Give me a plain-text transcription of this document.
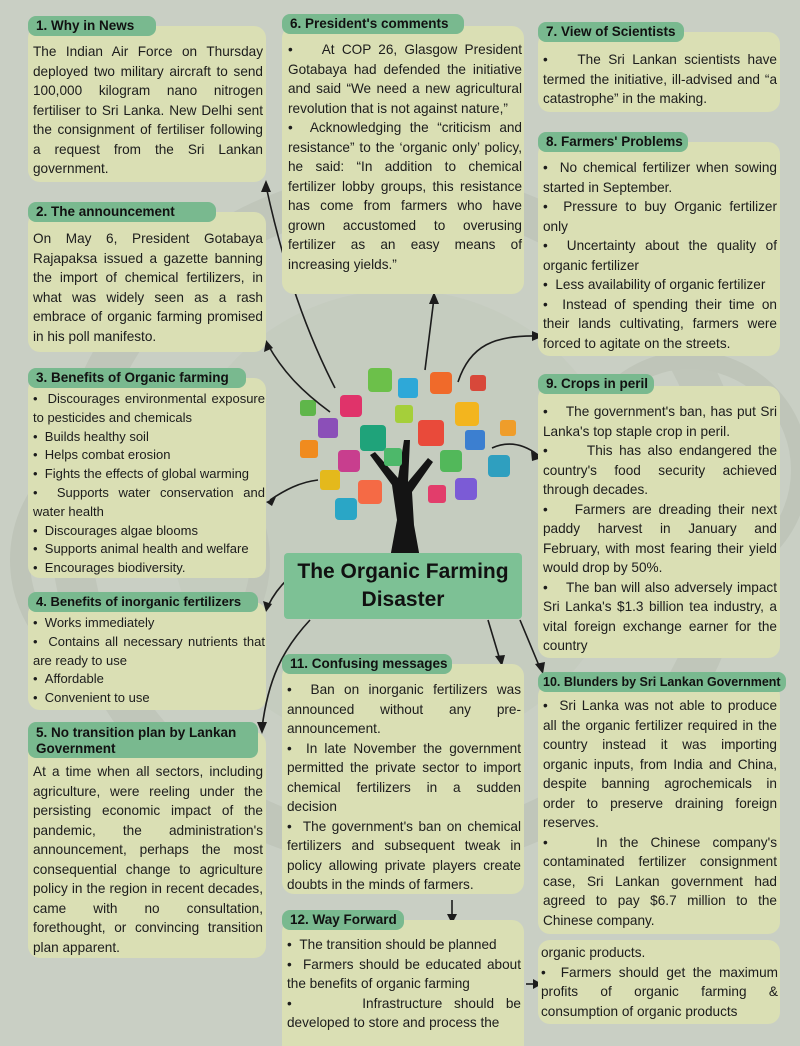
1. Why in News

The Indian Air Force on Thursday deployed two military aircraft to send 100,000 kilogram nano nitrogen fertiliser to Sri Lanka. New Delhi sent the consignment of fertiliser following a request from the Sri Lankan government.

2. The announcement

On May 6, President Gotabaya Rajapaksa issued a gazette banning the import of chemical fertilizers, in what was widely seen as a rash embrace of organic farming promised in his poll manifesto.

3. Benefits of Organic farming

•  Discourages environmental exposure to pesticides and chemicals

•  Builds healthy soil

•  Helps combat erosion

•  Fights the effects of global warming

•  Supports water conservation and water health

•  Discourages algae blooms

•  Supports animal health and welfare

•  Encourages biodiversity.

4. Benefits of inorganic fertilizers

•  Works immediately

•  Contains all necessary nutrients that are ready to use

•  Affordable

•  Convenient to use

5. No transition plan by Lankan Government

At a time when all sectors, including agriculture, were reeling under the persisting economic impact of the pandemic, the administration's announcement, perhaps the most consequential change to agriculture policy in the region in recent decades, came with no consultation, forethought, or convincing transition plan apparent.

6. President's comments

•    At COP 26, Glasgow President Gotabaya had defended the initiative and said “We need a new agricultural revolution that is not against nature,”

•  Acknowledging the “criticism and resistance” to the ‘organic only’ policy, he said: “In addition to chemical fertilizer lobby groups, this resistance has come from farmers who have grown accustomed to overusing fertilizer as an easy means of increasing yields.”

7. View of Scientists

•    The Sri Lankan scientists have termed the initiative, ill-advised and “a catastrophe” in the making.

8. Farmers' Problems

•  No chemical fertilizer when sowing started in September.

•  Pressure to buy Organic fertilizer only

•  Uncertainty about the quality of organic fertilizer

•  Less availability of organic fertilizer

•  Instead of spending their time on their lands cultivating, farmers were forced to agitate on the streets.

9. Crops in peril

•    The government's ban, has put Sri Lanka's top staple crop in peril.

•      This has also endangered the country's food security achieved through decades.

•    Farmers are dreading their next paddy harvest in January and February, with most fearing their yield would drop by 50%.

•    The ban will also adversely impact Sri Lanka's $1.3 billion tea industry, a vital foreign exchange earner for the country

10. Blunders by Sri Lankan Government

•  Sri Lanka was not able to produce all the organic fertilizer required in the country instead it was importing organic inputs, from India and China, despite banning agrochemicals in order to preserve draining foreign reserves.

•    In the Chinese company's contaminated fertilizer consignment case, Sri Lankan government had agreed to pay $6.7 million to the Chinese company.

11. Confusing messages

•  Ban on inorganic fertilizers was announced without any pre-announcement.

•  In late November the government permitted the private sector to import chemical fertilizers in a sudden decision

•  The government's ban on chemical fertilizers and subsequent tweak in policy allowing private players create doubts in the minds of farmers.

12. Way Forward

•  The transition should be planned

•  Farmers should be educated about the benefits of organic farming

•      Infrastructure should be developed to store and process the

organic products.

•  Farmers should get the maximum profits of organic farming & consumption of organic products

The Organic Farming Disaster
